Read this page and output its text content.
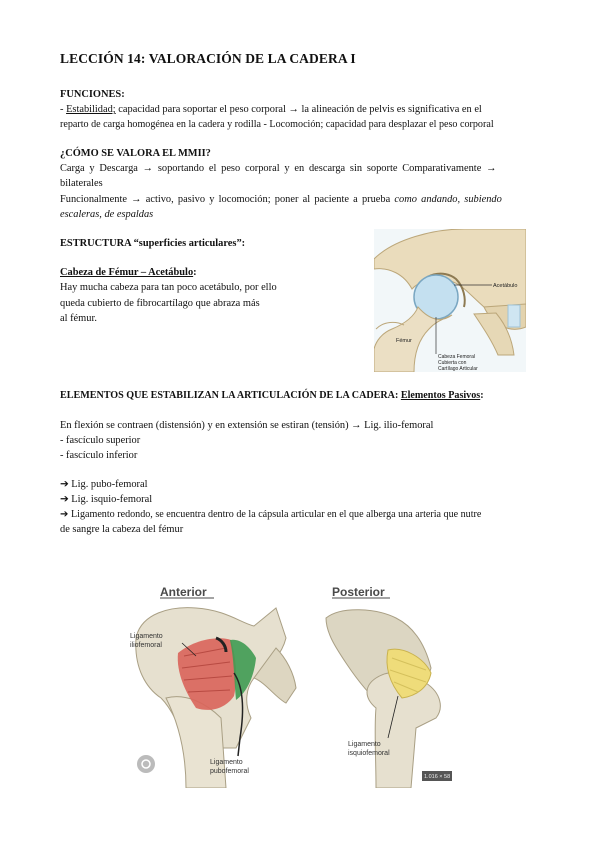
LECCIÓN 14: VALORACIÓN DE LA CADERA I
FUNCIONES:
- Estabilidad; capacidad para soportar el peso corporal → la alineación de pelvis es significativa en el
reparto de carga homogénea en la cadera y rodilla - Locomoción; capacidad para desplazar el peso corporal
¿CÓMO SE VALORA EL MMII?
Carga y Descarga → soportando el peso corporal y en descarga sin soporte Comparativamente →
bilaterales
Funcionalmente → activo, pasivo y locomoción; poner al paciente a prueba como andando, subiendo
escaleras, de espaldas
ESTRUCTURA “superficies articulares”:
Cabeza de Fémur – Acetábulo:
Hay mucha cabeza para tan poco acetábulo, por ello
queda cubierto de fibrocartílago que abraza más
al fémur.
Acetábulo
Fémur
Cabeza Femoral
Cubierta con
Cartílago Articular
ELEMENTOS QUE ESTABILIZAN LA ARTICULACIÓN DE LA CADERA: Elementos Pasivos:
En flexión se contraen (distensión) y en extensión se estiran (tensión) → Lig. ilio-femoral
- fascículo superior
- fascículo inferior
➔ Lig. pubo-femoral
➔ Lig. isquio-femoral
➔ Ligamento redondo, se encuentra dentro de la cápsula articular en el que alberga una arteria que nutre
de sangre la cabeza del fémur
Anterior
Ligamento
iliofemoral
Ligamento
pubofemoral
Posterior
Ligamento
isquiofemoral
1.016 × 58
